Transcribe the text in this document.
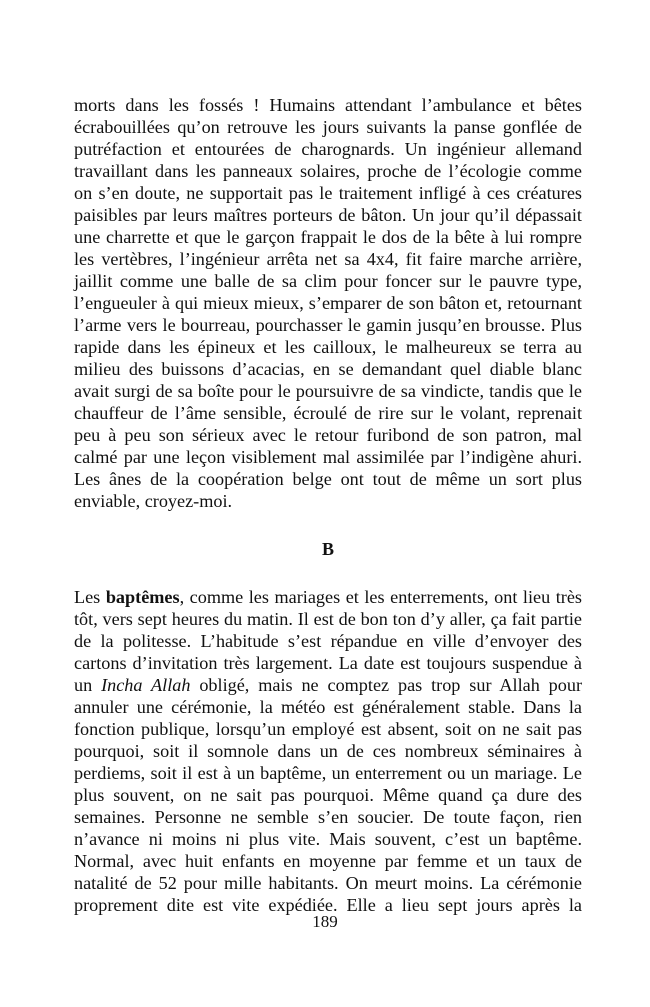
morts dans les fossés ! Humains attendant l’ambulance et bêtes écrabouillées qu’on retrouve les jours suivants la panse gonflée de putréfaction et entourées de charognards. Un ingénieur allemand travaillant dans les panneaux solaires, proche de l’écologie comme on s’en doute, ne supportait pas le traitement infligé à ces créatures paisibles par leurs maîtres porteurs de bâton. Un jour qu’il dépassait une charrette et que le garçon frappait le dos de la bête à lui rompre les vertèbres, l’ingénieur arrêta net sa 4x4, fit faire marche arrière, jaillit comme une balle de sa clim pour foncer sur le pauvre type, l’engueuler à qui mieux mieux, s’emparer de son bâton et, retournant l’arme vers le bourreau, pourchasser le gamin jusqu’en brousse. Plus rapide dans les épineux et les cailloux, le malheureux se terra au milieu des buissons d’acacias, en se demandant quel diable blanc avait surgi de sa boîte pour le poursuivre de sa vindicte, tandis que le chauffeur de l’âme sensible, écroulé de rire sur le volant, reprenait peu à peu son sérieux avec le retour furibond de son patron, mal calmé par une leçon visiblement mal assimilée par l’indigène ahuri. Les ânes de la coopération belge ont tout de même un sort plus enviable, croyez-moi.

B

Les baptêmes, comme les mariages et les enterrements, ont lieu très tôt, vers sept heures du matin. Il est de bon ton d’y aller, ça fait partie de la politesse. L’habitude s’est répandue en ville d’envoyer des cartons d’invitation très largement. La date est toujours suspendue à un Incha Allah obligé, mais ne comptez pas trop sur Allah pour annuler une cérémonie, la météo est généralement stable. Dans la fonction publique, lorsqu’un employé est absent, soit on ne sait pas pourquoi, soit il somnole dans un de ces nombreux séminaires à perdiems, soit il est à un baptême, un enterrement ou un mariage. Le plus souvent, on ne sait pas pourquoi. Même quand ça dure des semaines. Personne ne semble s’en soucier. De toute façon, rien n’avance ni moins ni plus vite. Mais souvent, c’est un baptême. Normal, avec huit enfants en moyenne par femme et un taux de natalité de 52 pour mille habitants. On meurt moins. La cérémonie proprement dite est vite expédiée. Elle a lieu sept jours après la

189
